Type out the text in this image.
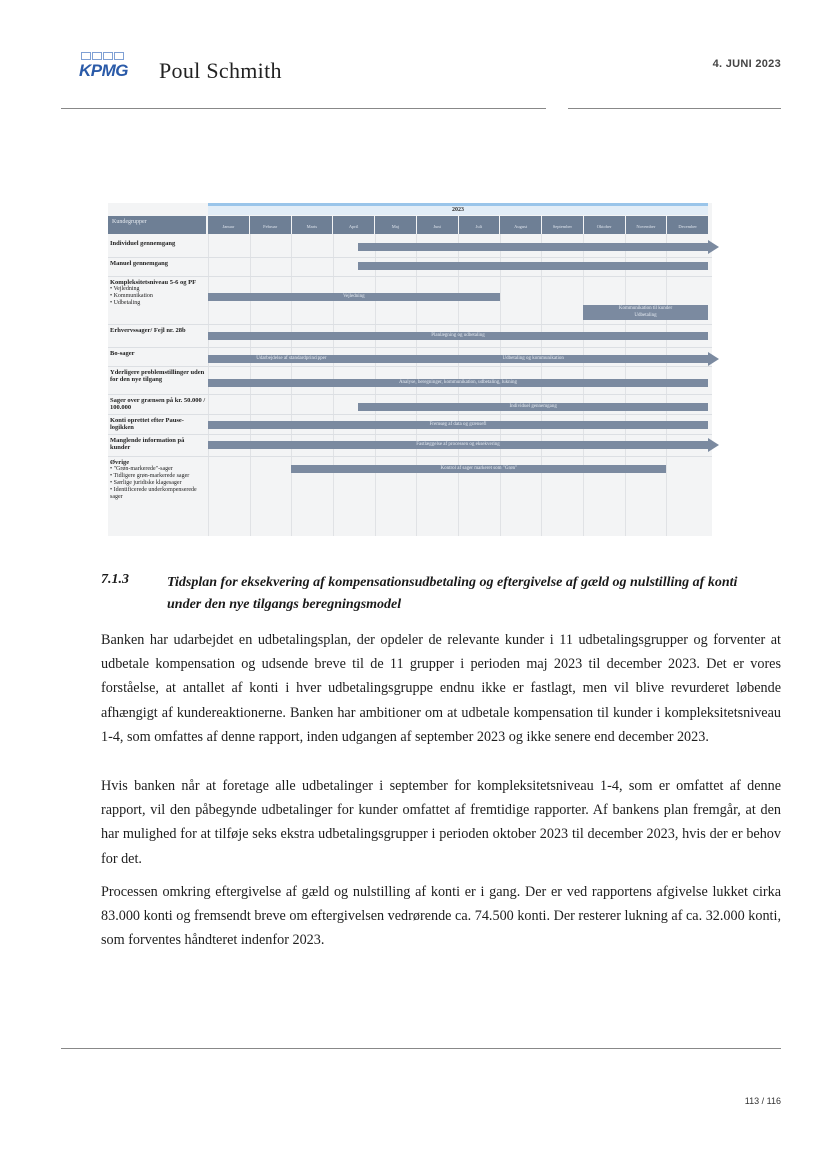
KPMG Poul Schmith	4. JUNI 2023
2023
Kundegrupper
Januar	Februar	Marts	April	Maj	Juni	Juli	August	September	Oktober	November	December
Individuel gennemgang
Manuel gennemgang
Kompleksitetsniveau 5-6 og PF
• Vejledning
• Kommunikation
• Udbetaling
Vejledning
Kommunikation til kunder
Udbetaling
Erhvervssager/ Fejl nr. 28b
Planlægning og udbetaling
Bo-sager
Udarbejdelse af standardprincipper	Udbetaling og kommunikation
Yderligere problemstillinger uden for den nye tilgang	Analyse, beregninger, kommunikation, udbetaling, lukning
Sager over grænsen på kr. 50.000 / 100.000	Individuel gennemgang
Konti oprettet efter Pause-logikken	Fremsøg af data og grænsefl
Manglende information på kunder	Fastlæggelse af processen og eksekvering
Øvrige
• "Grøn-markerede"-sager
• Tidligere grøn-markerede sager
• Særlige juridiske klagesager
• Identificerede underkompenserede sager
Kontrol af sager markeret som "Grøn"
7.1.3	Tidsplan for eksekvering af kompensationsudbetaling og eftergivelse af gæld og nulstilling af konti under den nye tilgangs beregningsmodel
Banken har udarbejdet en udbetalingsplan, der opdeler de relevante kunder i 11 udbetalingsgrupper og forventer at udbetale kompensation og udsende breve til de 11 grupper i perioden maj 2023 til december 2023. Det er vores forståelse, at antallet af konti i hver udbetalingsgruppe endnu ikke er fastlagt, men vil blive revurderet løbende afhængigt af kundereaktionerne. Banken har ambitioner om at udbetale kompensation til kunder i kompleksitetsniveau 1-4, som omfattes af denne rapport, inden udgangen af september 2023 og ikke senere end december 2023.
Hvis banken når at foretage alle udbetalinger i september for kompleksitetsniveau 1-4, som er omfattet af denne rapport, vil den påbegynde udbetalinger for kunder omfattet af fremtidige rapporter. Af bankens plan fremgår, at den har mulighed for at tilføje seks ekstra udbetalingsgrupper i perioden oktober 2023 til december 2023, hvis der er behov for det.
Processen omkring eftergivelse af gæld og nulstilling af konti er i gang. Der er ved rapportens afgivelse lukket cirka 83.000 konti og fremsendt breve om eftergivelsen vedrørende ca. 74.500 konti. Der resterer lukning af ca. 32.000 konti, som forventes håndteret indenfor 2023.
113 / 116
